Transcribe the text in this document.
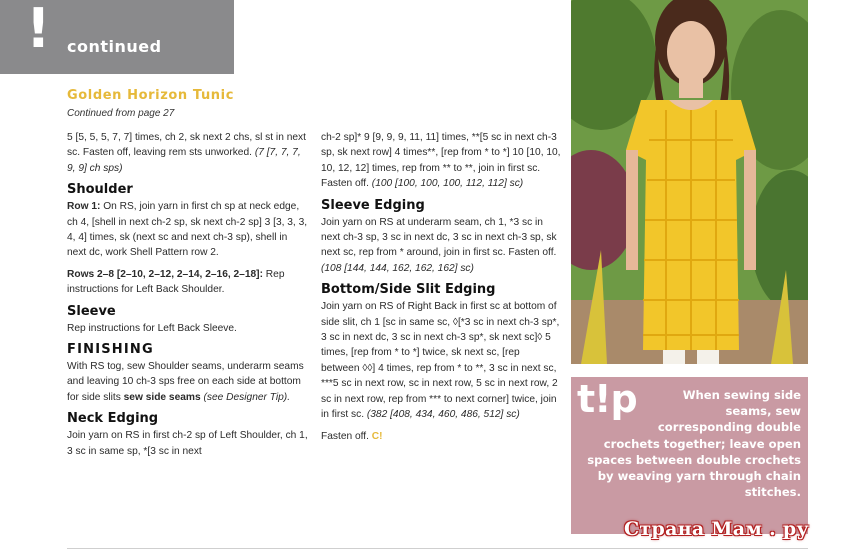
! continued
Golden Horizon Tunic
Continued from page 27

5 [5, 5, 5, 7, 7] times, ch 2, sk next 2 chs, sl st in next sc. Fasten off, leaving rem sts unworked. (7 [7, 7, 7, 9, 9] ch sps)

Shoulder

Row 1: On RS, join yarn in first ch sp at neck edge, ch 4, [shell in next ch-2 sp, sk next ch-2 sp] 3 [3, 3, 3, 4, 4] times, sk (next sc and next ch-3 sp), shell in next dc, work Shell Pattern row 2.

Rows 2–8 [2–10, 2–12, 2–14, 2–16, 2–18]: Rep instructions for Left Back Shoulder.

Sleeve

Rep instructions for Left Back Sleeve.

FINISHING

With RS tog, sew Shoulder seams, underarm seams and leaving 10 ch-3 sps free on each side at bottom for side slits sew side seams (see Designer Tip).

Neck Edging

Join yarn on RS in first ch-2 sp of Left Shoulder, ch 1, 3 sc in same sp, *[3 sc in next

ch-2 sp]* 9 [9, 9, 9, 11, 11] times, **[5 sc in next ch-3 sp, sk next row] 4 times**, [rep from * to *] 10 [10, 10, 10, 12, 12] times, rep from ** to **, join in first sc. Fasten off. (100 [100, 100, 100, 112, 112] sc)

Sleeve Edging

Join yarn on RS at underarm seam, ch 1, *3 sc in next ch-3 sp, 3 sc in next dc, 3 sc in next ch-3 sp, sk next sc, rep from * around, join in first sc. Fasten off. (108 [144, 144, 162, 162, 162] sc)

Bottom/Side Slit Edging

Join yarn on RS of Right Back in first sc at bottom of side slit, ch 1 [sc in same sc, ◊[*3 sc in next ch-3 sp*, 3 sc in next dc, 3 sc in next ch-3 sp*, sk next sc]◊ 5 times, [rep from * to *] twice, sk next sc, [rep between ◊◊] 4 times, rep from * to **, 3 sc in next sc, ***5 sc in next row, sc in next row, 5 sc in next row, 2 sc in next row, rep from *** to next corner] twice, join in first sc. (382 [408, 434, 460, 486, 512] sc)

Fasten off. C!

When sewing side seams, sew corresponding double crochets together; leave open spaces between double crochets by weaving yarn through chain stitches.
t!p
Страна Мам . ру
